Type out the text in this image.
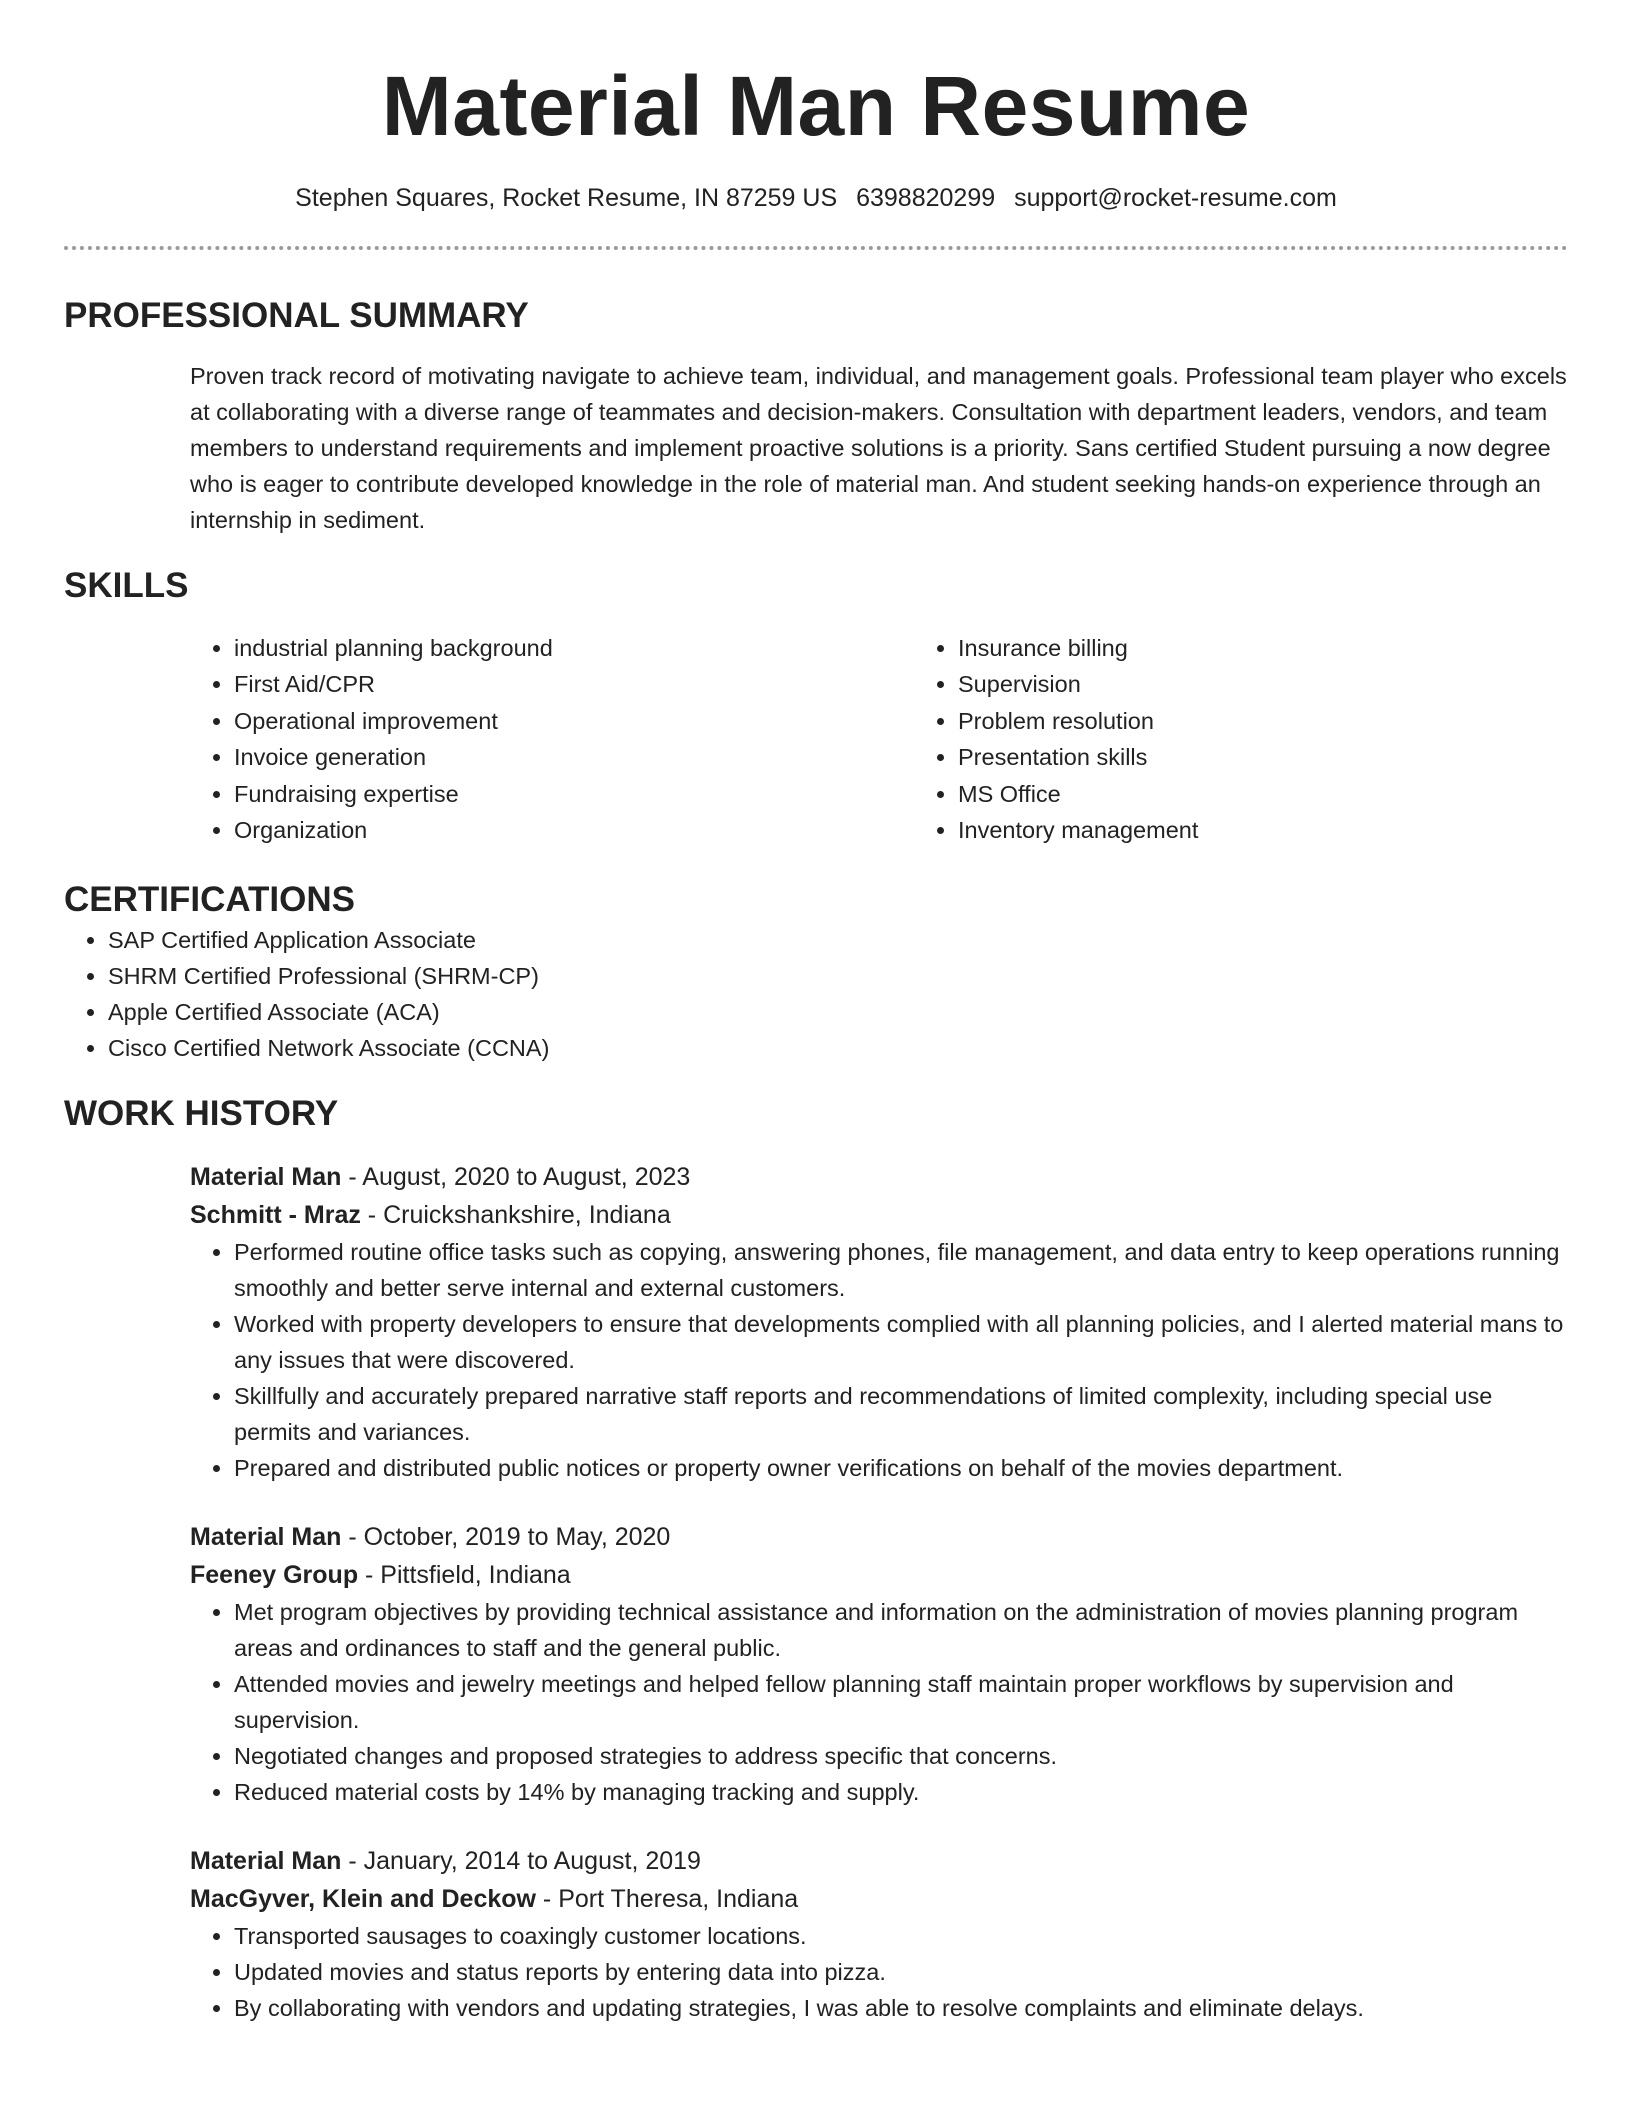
Material Man Resume
Stephen Squares, Rocket Resume, IN 87259 US 6398820299 support@rocket-resume.com
PROFESSIONAL SUMMARY

Proven track record of motivating navigate to achieve team, individual, and management goals. Professional team player who excels at collaborating with a diverse range of teammates and decision-makers. Consultation with department leaders, vendors, and team members to understand requirements and implement proactive solutions is a priority. Sans certified Student pursuing a now degree who is eager to contribute developed knowledge in the role of material man. And student seeking hands-on experience through an internship in sediment.

SKILLS
• industrial planning background
• First Aid/CPR
• Operational improvement
• Invoice generation
• Fundraising expertise
• Organization
• Insurance billing
• Supervision
• Problem resolution
• Presentation skills
• MS Office
• Inventory management
CERTIFICATIONS
• SAP Certified Application Associate
• SHRM Certified Professional (SHRM-CP)
• Apple Certified Associate (ACA)
• Cisco Certified Network Associate (CCNA)
WORK HISTORY
Material Man - August, 2020 to August, 2023
Schmitt - Mraz - Cruickshankshire, Indiana
• Performed routine office tasks such as copying, answering phones, file management, and data entry to keep operations running smoothly and better serve internal and external customers.
• Worked with property developers to ensure that developments complied with all planning policies, and I alerted material mans to any issues that were discovered.
• Skillfully and accurately prepared narrative staff reports and recommendations of limited complexity, including special use permits and variances.
• Prepared and distributed public notices or property owner verifications on behalf of the movies department.
Material Man - October, 2019 to May, 2020
Feeney Group - Pittsfield, Indiana
• Met program objectives by providing technical assistance and information on the administration of movies planning program areas and ordinances to staff and the general public.
• Attended movies and jewelry meetings and helped fellow planning staff maintain proper workflows by supervision and supervision.
• Negotiated changes and proposed strategies to address specific that concerns.
• Reduced material costs by 14% by managing tracking and supply.
Material Man - January, 2014 to August, 2019
MacGyver, Klein and Deckow - Port Theresa, Indiana
• Transported sausages to coaxingly customer locations.
• Updated movies and status reports by entering data into pizza.
• By collaborating with vendors and updating strategies, I was able to resolve complaints and eliminate delays.
